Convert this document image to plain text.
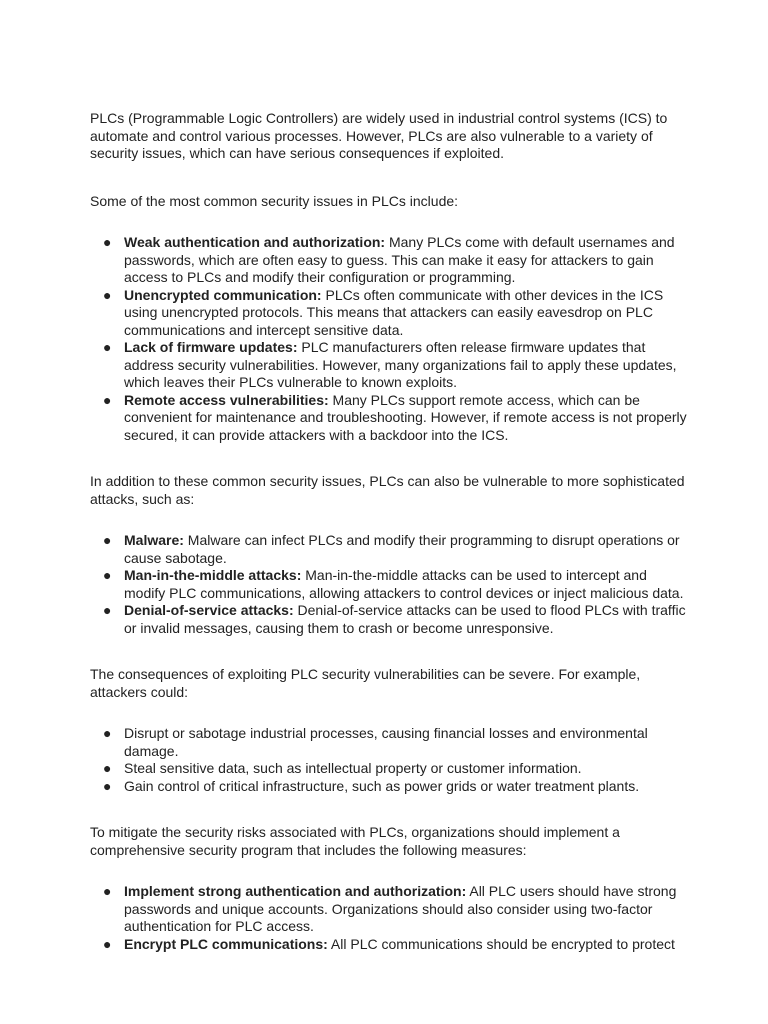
PLCs (Programmable Logic Controllers) are widely used in industrial control systems (ICS) to automate and control various processes. However, PLCs are also vulnerable to a variety of security issues, which can have serious consequences if exploited.

Some of the most common security issues in PLCs include:

● Weak authentication and authorization: Many PLCs come with default usernames and passwords, which are often easy to guess. This can make it easy for attackers to gain access to PLCs and modify their configuration or programming.
● Unencrypted communication: PLCs often communicate with other devices in the ICS using unencrypted protocols. This means that attackers can easily eavesdrop on PLC communications and intercept sensitive data.
● Lack of firmware updates: PLC manufacturers often release firmware updates that address security vulnerabilities. However, many organizations fail to apply these updates, which leaves their PLCs vulnerable to known exploits.
● Remote access vulnerabilities: Many PLCs support remote access, which can be convenient for maintenance and troubleshooting. However, if remote access is not properly secured, it can provide attackers with a backdoor into the ICS.

In addition to these common security issues, PLCs can also be vulnerable to more sophisticated attacks, such as:

● Malware: Malware can infect PLCs and modify their programming to disrupt operations or cause sabotage.
● Man-in-the-middle attacks: Man-in-the-middle attacks can be used to intercept and modify PLC communications, allowing attackers to control devices or inject malicious data.
● Denial-of-service attacks: Denial-of-service attacks can be used to flood PLCs with traffic or invalid messages, causing them to crash or become unresponsive.

The consequences of exploiting PLC security vulnerabilities can be severe. For example, attackers could:

● Disrupt or sabotage industrial processes, causing financial losses and environmental damage.
● Steal sensitive data, such as intellectual property or customer information.
● Gain control of critical infrastructure, such as power grids or water treatment plants.

To mitigate the security risks associated with PLCs, organizations should implement a comprehensive security program that includes the following measures:

● Implement strong authentication and authorization: All PLC users should have strong passwords and unique accounts. Organizations should also consider using two-factor authentication for PLC access.
● Encrypt PLC communications: All PLC communications should be encrypted to protect
